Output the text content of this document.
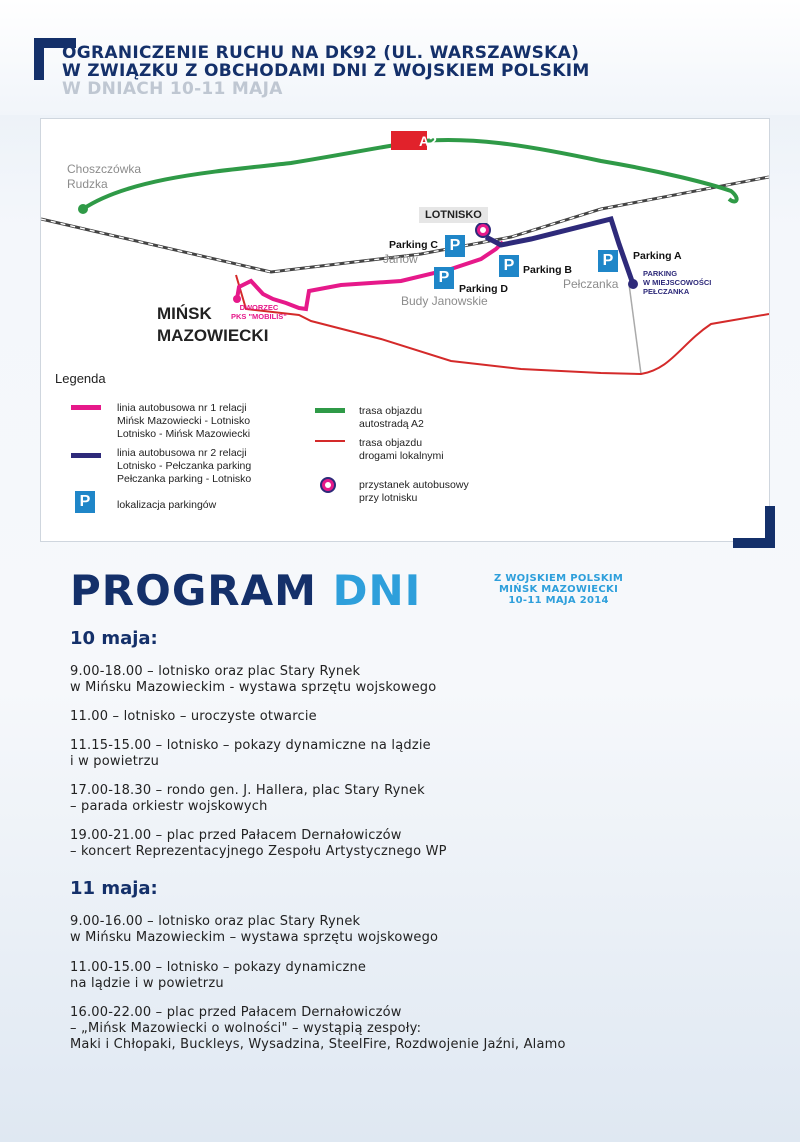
OGRANICZENIE RUCHU NA DK92 (UL. WARSZAWSKA)
W ZWIĄZKU Z OBCHODAMI DNI Z WOJSKIEM POLSKIM
W DNIACH 10-11 MAJA
A2
Choszczówka
Rudzka
LOTNISKO
Parking C P
Janów
P
Parking D
Budy Janowskie
P Parking B
P	Parking A
Pełczanka
PARKING
W MIEJSCOWOŚCI
PEŁCZANKA
DWORZEC
PKS "MOBILIS"
MIŃSK
MAZOWIECKI
Legenda
linia autobusowa nr 1 relacji
Mińsk Mazowiecki - Lotnisko
Lotnisko - Mińsk Mazowiecki
linia autobusowa nr 2 relacji
Lotnisko - Pełczanka parking
Pełczanka parking - Lotnisko
P	lokalizacja parkingów
trasa objazdu
autostradą A2
trasa objazdu
drogami lokalnymi
przystanek autobusowy
przy lotnisku
PROGRAM DNI	Z WOJSKIEM POLSKIM
MIŃSK MAZOWIECKI
10-11 MAJA 2014
10 maja:
9.00-18.00 – lotnisko oraz plac Stary Rynek
w Mińsku Mazowieckim - wystawa sprzętu wojskowego
11.00 – lotnisko – uroczyste otwarcie
11.15-15.00 – lotnisko – pokazy dynamiczne na lądzie
i w powietrzu
17.00-18.30 – rondo gen. J. Hallera, plac Stary Rynek
– parada orkiestr wojskowych
19.00-21.00 – plac przed Pałacem Dernałowiczów
– koncert Reprezentacyjnego Zespołu Artystycznego WP
11 maja:
9.00-16.00 – lotnisko oraz plac Stary Rynek
w Mińsku Mazowieckim – wystawa sprzętu wojskowego
11.00-15.00 – lotnisko – pokazy dynamiczne
na lądzie i w powietrzu
16.00-22.00 – plac przed Pałacem Dernałowiczów
– „Mińsk Mazowiecki o wolności" – wystąpią zespoły:
Maki i Chłopaki, Buckleys, Wysadzina, SteelFire, Rozdwojenie Jaźni, Alamo
